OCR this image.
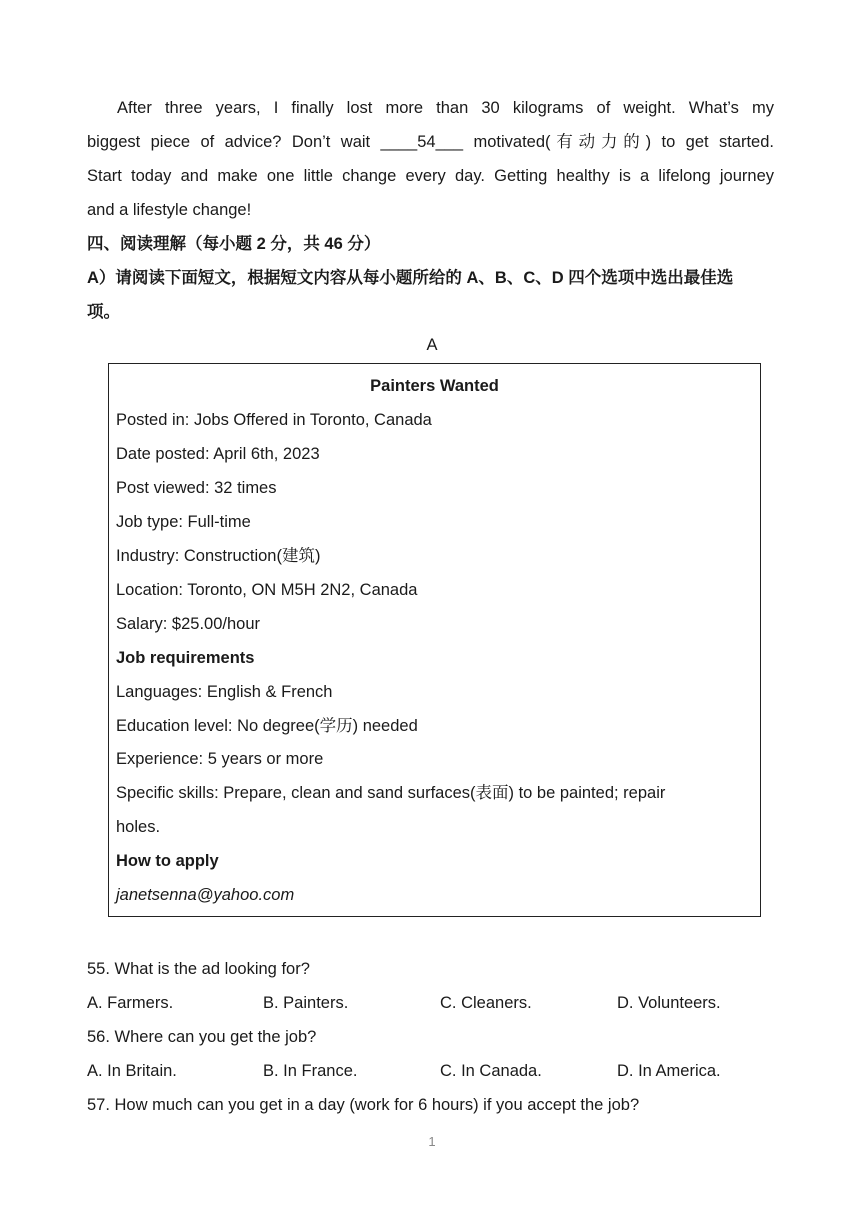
After three years, I finally lost more than 30 kilograms of weight. What’s my
biggest piece of advice? Don’t wait ____54___ motivated(有动力的) to get started.
Start today and make one little change every day. Getting healthy is a lifelong journey
and a lifestyle change!
四、阅读理解（每小题 2 分，共 46 分）
A）请阅读下面短文，根据短文内容从每小题所给的 A、B、C、D 四个选项中选出最佳选
项。
A
Painters Wanted
Posted in: Jobs Offered in Toronto, Canada
Date posted: April 6th, 2023
Post viewed: 32 times
Job type: Full-time
Industry: Construction(建筑)
Location: Toronto, ON M5H 2N2, Canada
Salary: $25.00/hour
Job requirements
Languages: English & French
Education level: No degree(学历) needed
Experience: 5 years or more
Specific skills: Prepare, clean and sand surfaces(表面) to be painted; repair
holes.
How to apply
janetsenna@yahoo.com
55. What is the ad looking for?
A. Farmers.	B. Painters.	C. Cleaners.	D. Volunteers.
56. Where can you get the job?
A. In Britain.	B. In France.	C. In Canada.	D. In America.
57. How much can you get in a day (work for 6 hours) if you accept the job?
1
